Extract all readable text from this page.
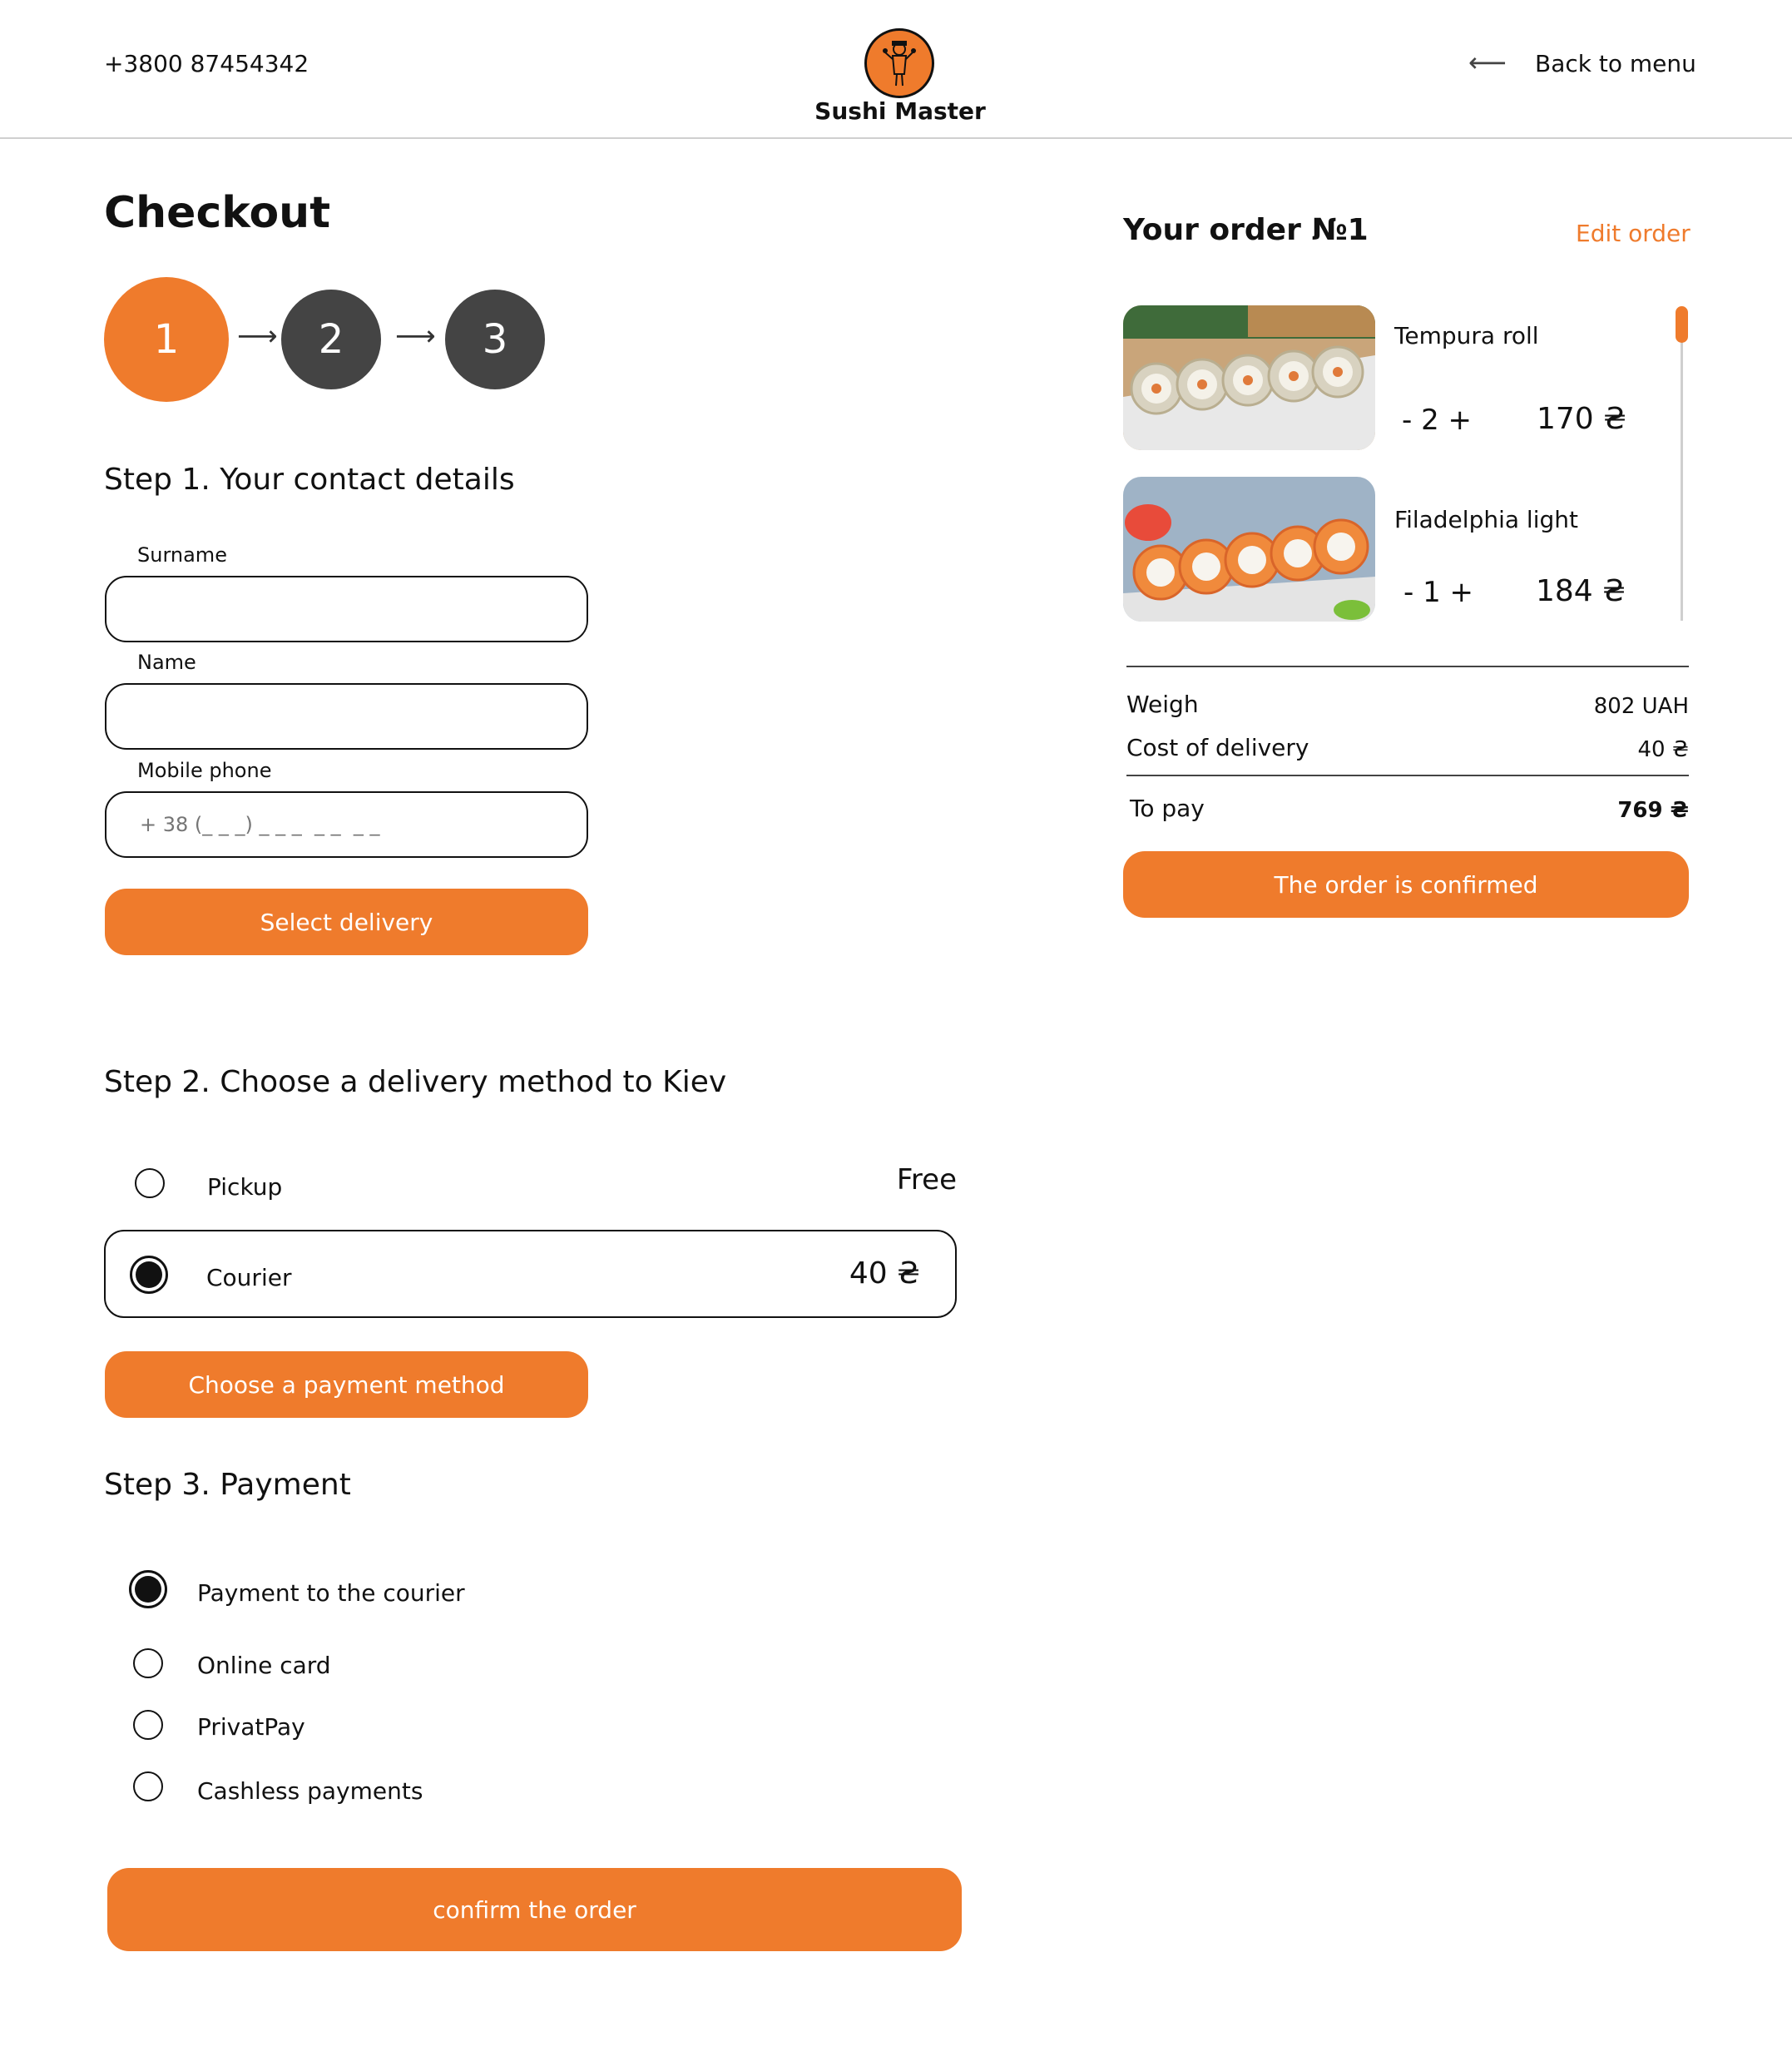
+3800 87454342
Sushi Master
⟵ Back to menu
Checkout
1	⟶	2	⟶	3
Step 1. Your contact details
Surname
Name
Mobile phone
+ 38 (_ _ _) _ _ _ _ _ _ _
Select delivery
Step 2. Choose a delivery method to Kiev
Pickup	Free
Courier	40 ₴
Choose a payment method
Step 3. Payment
Payment to the courier
Online card
PrivatPay
Cashless payments
confirm the order
Your order №1	Edit order
Tempura roll
- 2 + 170 ₴
Filadelphia light
- 1 + 184 ₴
Weigh	802 UAH
Cost of delivery	40 ₴
To pay	769 ₴
The order is confirmed
